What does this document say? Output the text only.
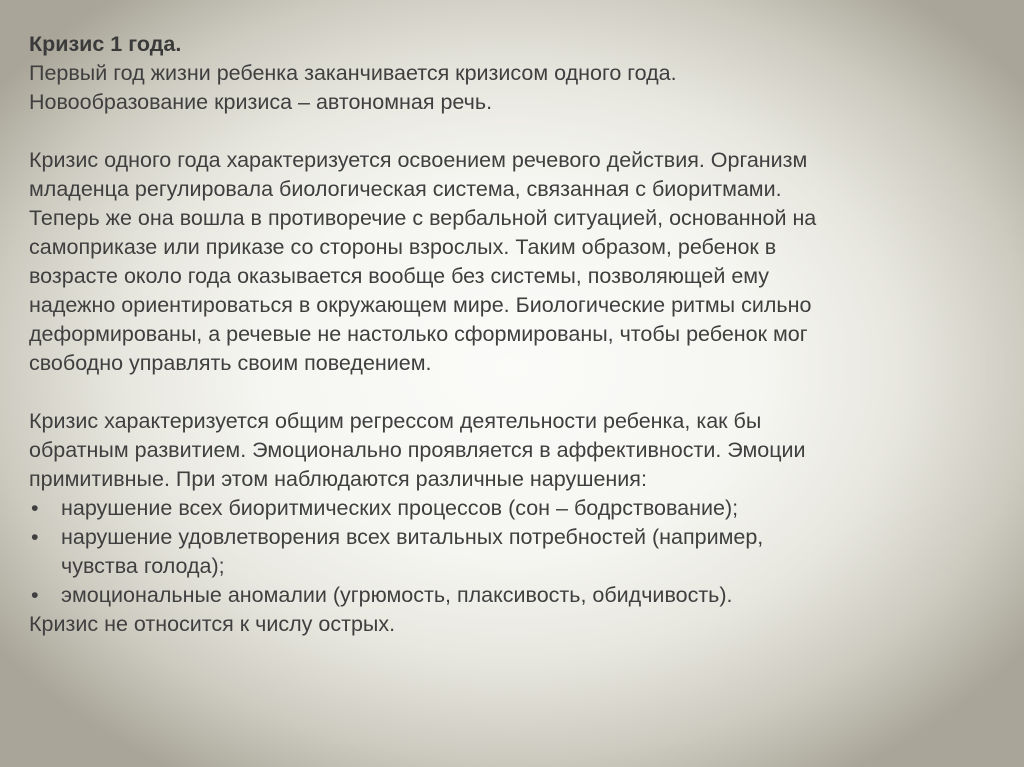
Кризис 1 года.
Первый год жизни ребенка заканчивается кризисом одного года.
Новообразование кризиса – автономная речь.
Кризис одного года характеризуется освоением речевого действия. Организм
младенца регулировала биологическая система, связанная с биоритмами.
Теперь же она вошла в противоречие с вербальной ситуацией, основанной на
самоприказе или приказе со стороны взрослых. Таким образом, ребенок в
возрасте около года оказывается вообще без системы, позволяющей ему
надежно ориентироваться в окружающем мире. Биологические ритмы сильно
деформированы, а речевые не настолько сформированы, чтобы ребенок мог
свободно управлять своим поведением.
Кризис характеризуется общим регрессом деятельности ребенка, как бы
обратным развитием. Эмоционально проявляется в аффективности. Эмоции
примитивные. При этом наблюдаются различные нарушения:
• нарушение всех биоритмических процессов (сон – бодрствование);
• нарушение удовлетворения всех витальных потребностей (например,
чувства голода);
• эмоциональные аномалии (угрюмость, плаксивость, обидчивость).
Кризис не относится к числу острых.
